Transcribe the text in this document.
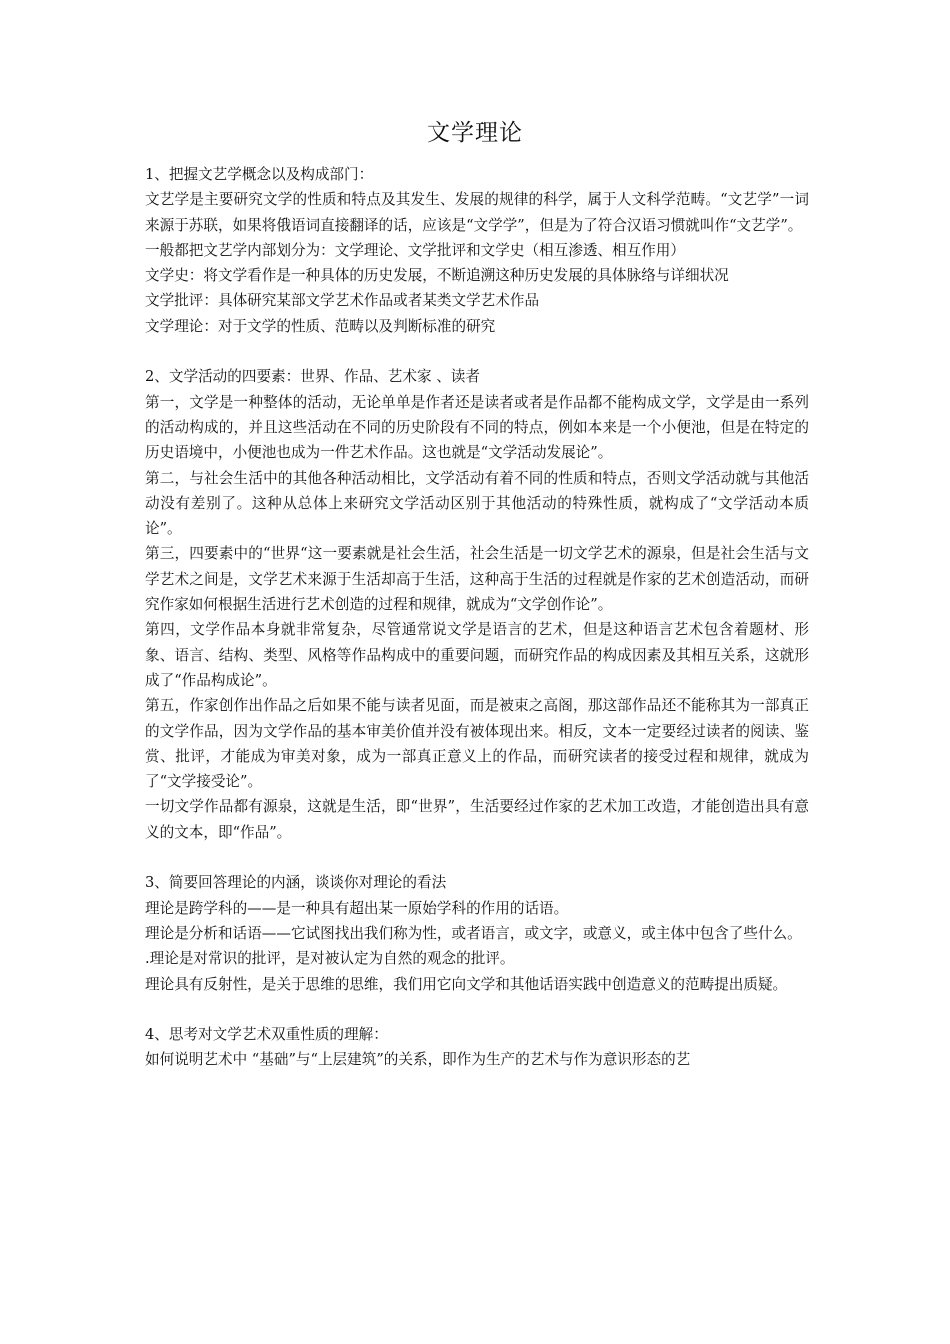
文学理论

1、把握文艺学概念以及构成部门：

文艺学是主要研究文学的性质和特点及其发生、发展的规律的科学，属于人文科学范畴。“文艺学”一词来源于苏联，如果将俄语词直接翻译的话，应该是“文学学”，但是为了符合汉语习惯就叫作“文艺学”。

一般都把文艺学内部划分为：文学理论、文学批评和文学史（相互渗透、相互作用）

文学史：将文学看作是一种具体的历史发展，不断追溯这种历史发展的具体脉络与详细状况

文学批评：具体研究某部文学艺术作品或者某类文学艺术作品

文学理论：对于文学的性质、范畴以及判断标准的研究

2、文学活动的四要素：世界、作品、艺术家 、读者

第一，文学是一种整体的活动，无论单单是作者还是读者或者是作品都不能构成文学，文学是由一系列的活动构成的，并且这些活动在不同的历史阶段有不同的特点，例如本来是一个小便池，但是在特定的历史语境中，小便池也成为一件艺术作品。这也就是“文学活动发展论”。

第二，与社会生活中的其他各种活动相比，文学活动有着不同的性质和特点，否则文学活动就与其他活动没有差别了。这种从总体上来研究文学活动区别于其他活动的特殊性质，就构成了“文学活动本质论”。

第三，四要素中的“世界“这一要素就是社会生活，社会生活是一切文学艺术的源泉，但是社会生活与文学艺术之间是，文学艺术来源于生活却高于生活，这种高于生活的过程就是作家的艺术创造活动，而研究作家如何根据生活进行艺术创造的过程和规律，就成为“文学创作论”。

第四，文学作品本身就非常复杂，尽管通常说文学是语言的艺术，但是这种语言艺术包含着题材、形象、语言、结构、类型、风格等作品构成中的重要问题，而研究作品的构成因素及其相互关系，这就形成了“作品构成论”。

第五，作家创作出作品之后如果不能与读者见面，而是被束之高阁，那这部作品还不能称其为一部真正的文学作品，因为文学作品的基本审美价值并没有被体现出来。相反，文本一定要经过读者的阅读、鉴赏、批评，才能成为审美对象，成为一部真正意义上的作品，而研究读者的接受过程和规律，就成为了“文学接受论”。

一切文学作品都有源泉，这就是生活，即“世界”，生活要经过作家的艺术加工改造，才能创造出具有意义的文本，即“作品”。

3、简要回答理论的内涵，谈谈你对理论的看法

理论是跨学科的——是一种具有超出某一原始学科的作用的话语。

理论是分析和话语——它试图找出我们称为性，或者语言，或文字，或意义，或主体中包含了些什么。

.理论是对常识的批评，是对被认定为自然的观念的批评。

理论具有反射性，是关于思维的思维，我们用它向文学和其他话语实践中创造意义的范畴提出质疑。

4、思考对文学艺术双重性质的理解：

如何说明艺术中 “基础”与“上层建筑”的关系，即作为生产的艺术与作为意识形态的艺
